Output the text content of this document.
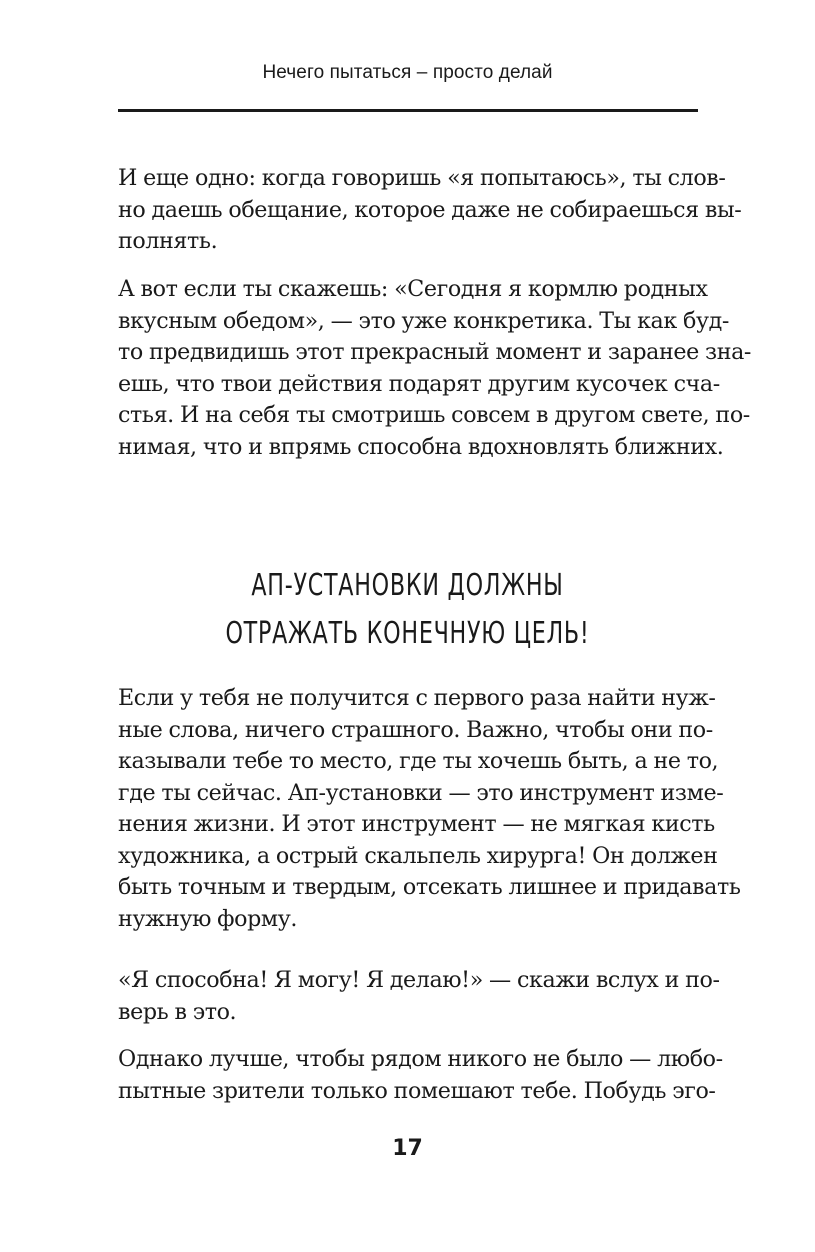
Нечего пытаться – просто делай

И еще одно: когда говоришь «я попытаюсь», ты слов-
но даешь обещание, которое даже не собираешься вы-
полнять.

А вот если ты скажешь: «Сегодня я кормлю родных
вкусным обедом», — это уже конкретика. Ты как буд-
то предвидишь этот прекрасный момент и заранее зна-
ешь, что твои действия подарят другим кусочек сча-
стья. И на себя ты смотришь совсем в другом свете, по-
нимая, что и впрямь способна вдохновлять ближних.

АП-УСТАНОВКИ ДОЛЖНЫ
ОТРАЖАТЬ КОНЕЧНУЮ ЦЕЛЬ!

Если у тебя не получится с первого раза найти нуж-
ные слова, ничего страшного. Важно, чтобы они по-
казывали тебе то место, где ты хочешь быть, а не то,
где ты сейчас. Ап-установки — это инструмент изме-
нения жизни. И этот инструмент — не мягкая кисть
художника, а острый скальпель хирурга! Он должен
быть точным и твердым, отсекать лишнее и придавать
нужную форму.

«Я способна! Я могу! Я делаю!» — скажи вслух и по-
верь в это.

Однако лучше, чтобы рядом никого не было — любо-
пытные зрители только помешают тебе. Побудь эго-

17
